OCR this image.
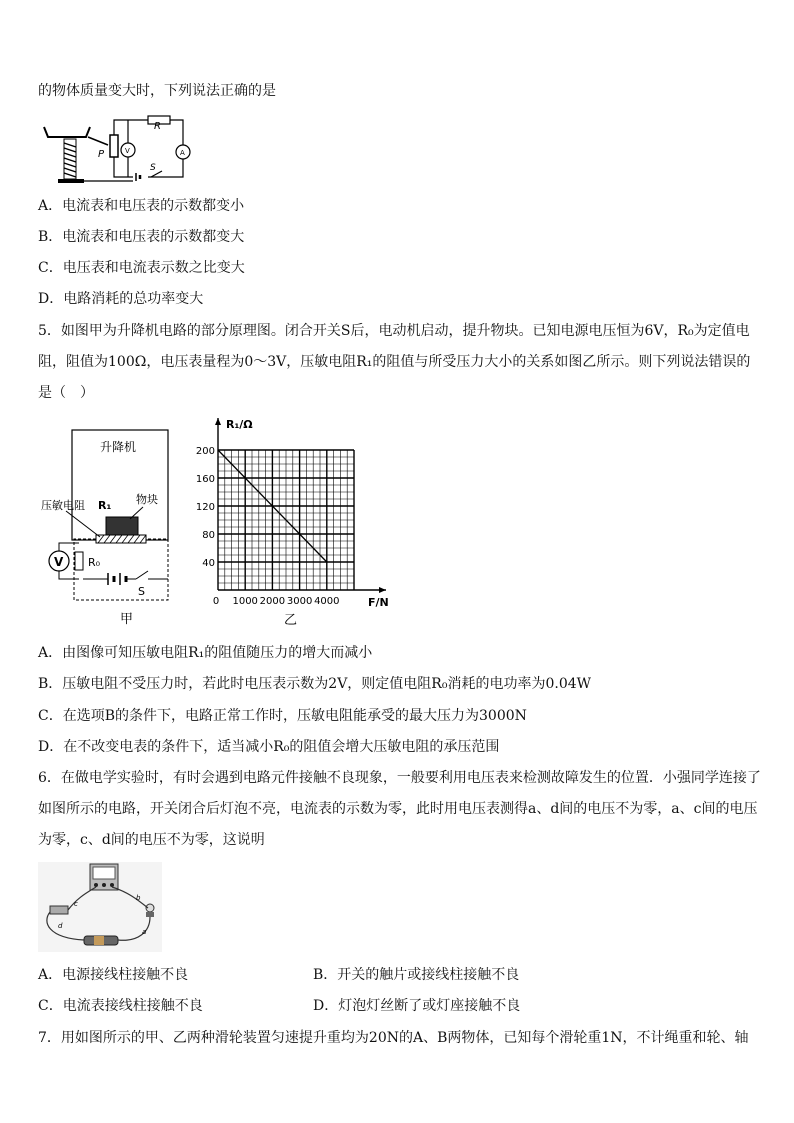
的物体质量变大时，下列说法正确的是
R
P	V	A
S
A．电流表和电压表的示数都变小
B．电流表和电压表的示数都变大
C．电压表和电流表示数之比变大
D．电路消耗的总功率变大
5．如图甲为升降机电路的部分原理图。闭合开关S后，电动机启动，提升物块。已知电源电压恒为6V，R₀为定值电
阻，阻值为100Ω，电压表量程为0～3V，压敏电阻R₁的阻值与所受压力大小的关系如图乙所示。则下列说法错误的
是（　）
升降机
压敏电阻 R₁ 物块
R₀
V
S
甲
40
80
120
160
200
0 1000 2000 3000 4000
R₁/Ω
F/N
乙
A．由图像可知压敏电阻R₁的阻值随压力的增大而减小
B．压敏电阻不受压力时，若此时电压表示数为2V，则定值电阻R₀消耗的电功率为0.04W
C．在选项B的条件下，电路正常工作时，压敏电阻能承受的最大压力为3000N
D．在不改变电表的条件下，适当减小R₀的阻值会增大压敏电阻的承压范围
6．在做电学实验时，有时会遇到电路元件接触不良现象，一般要利用电压表来检测故障发生的位置．小强同学连接了
如图所示的电路，开关闭合后灯泡不亮，电流表的示数为零，此时用电压表测得a、d间的电压不为零，a、c间的电压
为零，c、d间的电压不为零，这说明
c
b
d
a
A．电源接线柱接触不良	B．开关的触片或接线柱接触不良
C．电流表接线柱接触不良	D．灯泡灯丝断了或灯座接触不良
7．用如图所示的甲、乙两种滑轮装置匀速提升重均为20N的A、B两物体，已知每个滑轮重1N，不计绳重和轮、轴
